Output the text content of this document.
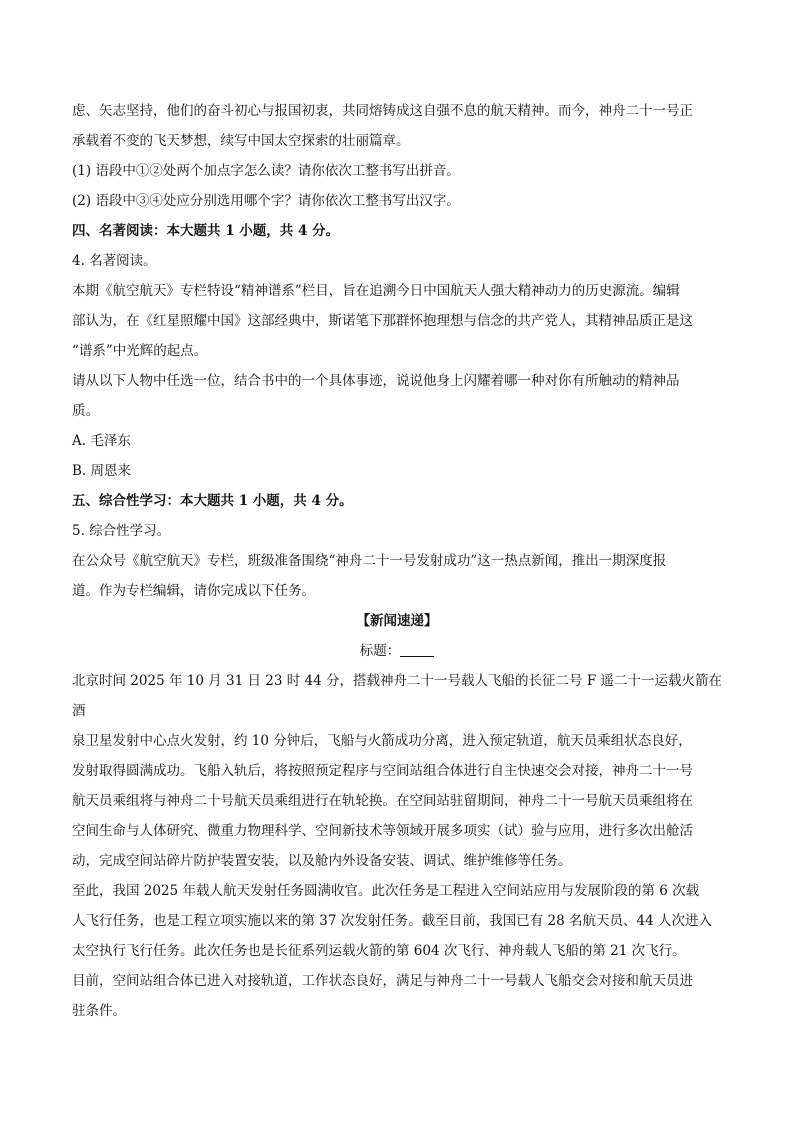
虑、矢志坚持，他们的奋斗初心与报国初衷，共同熔铸成这自强不息的航天精神。而今，神舟二十一号正

承载着不变的飞天梦想，续写中国太空探索的壮丽篇章。

(1) 语段中①②处两个加点字怎么读？请你依次工整书写出拼音。

(2) 语段中③④处应分别选用哪个字？请你依次工整书写出汉字。

四、名著阅读：本大题共 1 小题，共 4 分。

4. 名著阅读。

本期《航空航天》专栏特设“精神谱系”栏目，旨在追溯今日中国航天人强大精神动力的历史源流。编辑

部认为，在《红星照耀中国》这部经典中，斯诺笔下那群怀抱理想与信念的共产党人，其精神品质正是这

“谱系”中光辉的起点。

请从以下人物中任选一位，结合书中的一个具体事迹，说说他身上闪耀着哪一种对你有所触动的精神品

质。

A. 毛泽东

B. 周恩来

五、综合性学习：本大题共 1 小题，共 4 分。

5. 综合性学习。

在公众号《航空航天》专栏，班级准备围绕“神舟二十一号发射成功”这一热点新闻，推出一期深度报

道。作为专栏编辑，请你完成以下任务。

【新闻速递】

标题：

北京时间 2025 年 10 月 31 日 23 时 44 分，搭载神舟二十一号载人飞船的长征二号 F 遥二十一运载火箭在酒

泉卫星发射中心点火发射，约 10 分钟后，飞船与火箭成功分离，进入预定轨道，航天员乘组状态良好，

发射取得圆满成功。飞船入轨后，将按照预定程序与空间站组合体进行自主快速交会对接，神舟二十一号

航天员乘组将与神舟二十号航天员乘组进行在轨轮换。在空间站驻留期间，神舟二十一号航天员乘组将在

空间生命与人体研究、微重力物理科学、空间新技术等领域开展多项实（试）验与应用，进行多次出舱活

动，完成空间站碎片防护装置安装，以及舱内外设备安装、调试、维护维修等任务。

至此，我国 2025 年载人航天发射任务圆满收官。此次任务是工程进入空间站应用与发展阶段的第 6 次载

人飞行任务，也是工程立项实施以来的第 37 次发射任务。截至目前，我国已有 28 名航天员、44 人次进入

太空执行飞行任务。此次任务也是长征系列运载火箭的第 604 次飞行、神舟载人飞船的第 21 次飞行。

目前，空间站组合体已进入对接轨道，工作状态良好，满足与神舟二十一号载人飞船交会对接和航天员进

驻条件。
